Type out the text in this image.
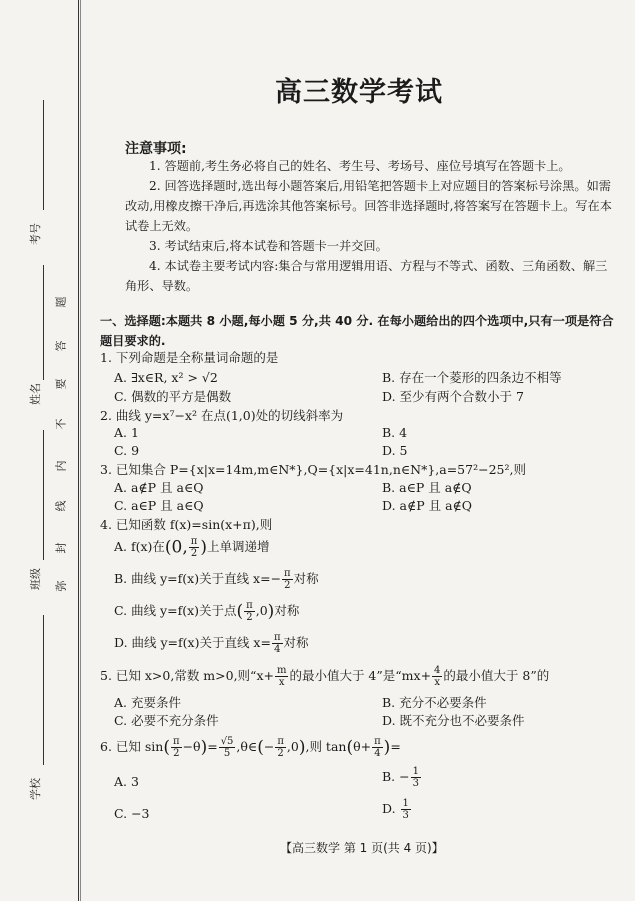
考号
姓名
班级
学校
题
答
要
不
内
线
封
弥
高三数学考试
注意事项:
1. 答题前,考生务必将自己的姓名、考生号、考场号、座位号填写在答题卡上。
2. 回答选择题时,选出每小题答案后,用铅笔把答题卡上对应题目的答案标号涂黑。如需改动,用橡皮擦干净后,再选涂其他答案标号。回答非选择题时,将答案写在答题卡上。写在本试卷上无效。
3. 考试结束后,将本试卷和答题卡一并交回。
4. 本试卷主要考试内容:集合与常用逻辑用语、方程与不等式、函数、三角函数、解三角形、导数。
一、选择题:本题共 8 小题,每小题 5 分,共 40 分. 在每小题给出的四个选项中,只有一项是符合题目要求的.
1. 下列命题是全称量词命题的是
A. ∃x∈R, x² > √2	B. 存在一个菱形的四条边不相等
C. 偶数的平方是偶数	D. 至少有两个合数小于 7
2. 曲线 y=x⁷−x² 在点(1,0)处的切线斜率为
A. 1	B. 4
C. 9	D. 5
3. 已知集合 P={x|x=14m,m∈N*},Q={x|x=41n,n∈N*},a=57²−25²,则
A. a∉P 且 a∈Q	B. a∈P 且 a∉Q
C. a∈P 且 a∈Q	D. a∉P 且 a∉Q
4. 已知函数 f(x)=sin(x+π),则
A. f(x)在(0, $\frac{\pi}{2}$ )上单调递增
B. 曲线 y=f(x)关于直线 $x=- \frac{\pi}{2}$ 对称
C. 曲线 y=f(x)关于点( $\frac{\pi}{2} ,0$)对称
D. 曲线 y=f(x)关于直线 $x= \frac{\pi}{4}$ 对称
5. 已知 x>0,常数 m>0,则“$x+ \frac{m}{x}$ 的最小值大于 4”是“$mx+ \frac{4}{x}$ 的最小值大于 8”的
A. 充要条件	B. 充分不必要条件
C. 必要不充分条件	D. 既不充分也不必要条件
6. 已知 $\sin( \frac{\pi}{2} -\theta)= \frac{√5}{5}$ ,θ∈(− $\frac{\pi}{2} ,0$),则 $\tan(\theta+ \frac{\pi}{4}$ )=
A. 3	B. − $\frac{1}{3}$
C. −3	D. $\frac{1}{3}$
【高三数学 第 1 页(共 4 页)】
